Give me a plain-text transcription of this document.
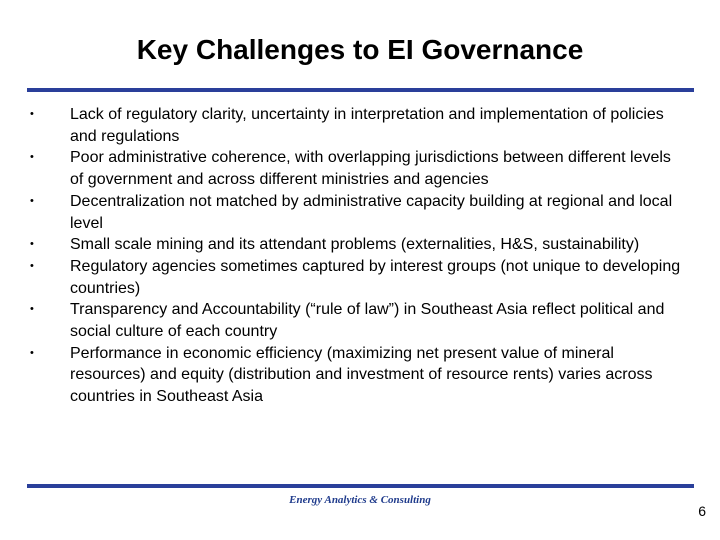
Key Challenges to EI Governance
• Lack of regulatory clarity, uncertainty in interpretation and implementation of policies and regulations
• Poor administrative coherence, with overlapping jurisdictions between different levels of government and across different ministries and agencies
• Decentralization not matched by administrative capacity building at regional and local level
• Small scale mining and its attendant problems (externalities, H&S, sustainability)
• Regulatory agencies sometimes captured by interest groups (not unique to developing countries)
• Transparency and Accountability (“rule of law”) in Southeast Asia reflect political and social culture of each country
• Performance in economic efficiency (maximizing net present value of mineral resources) and equity (distribution and investment of resource rents) varies across countries in Southeast Asia
Energy Analytics & Consulting
6
